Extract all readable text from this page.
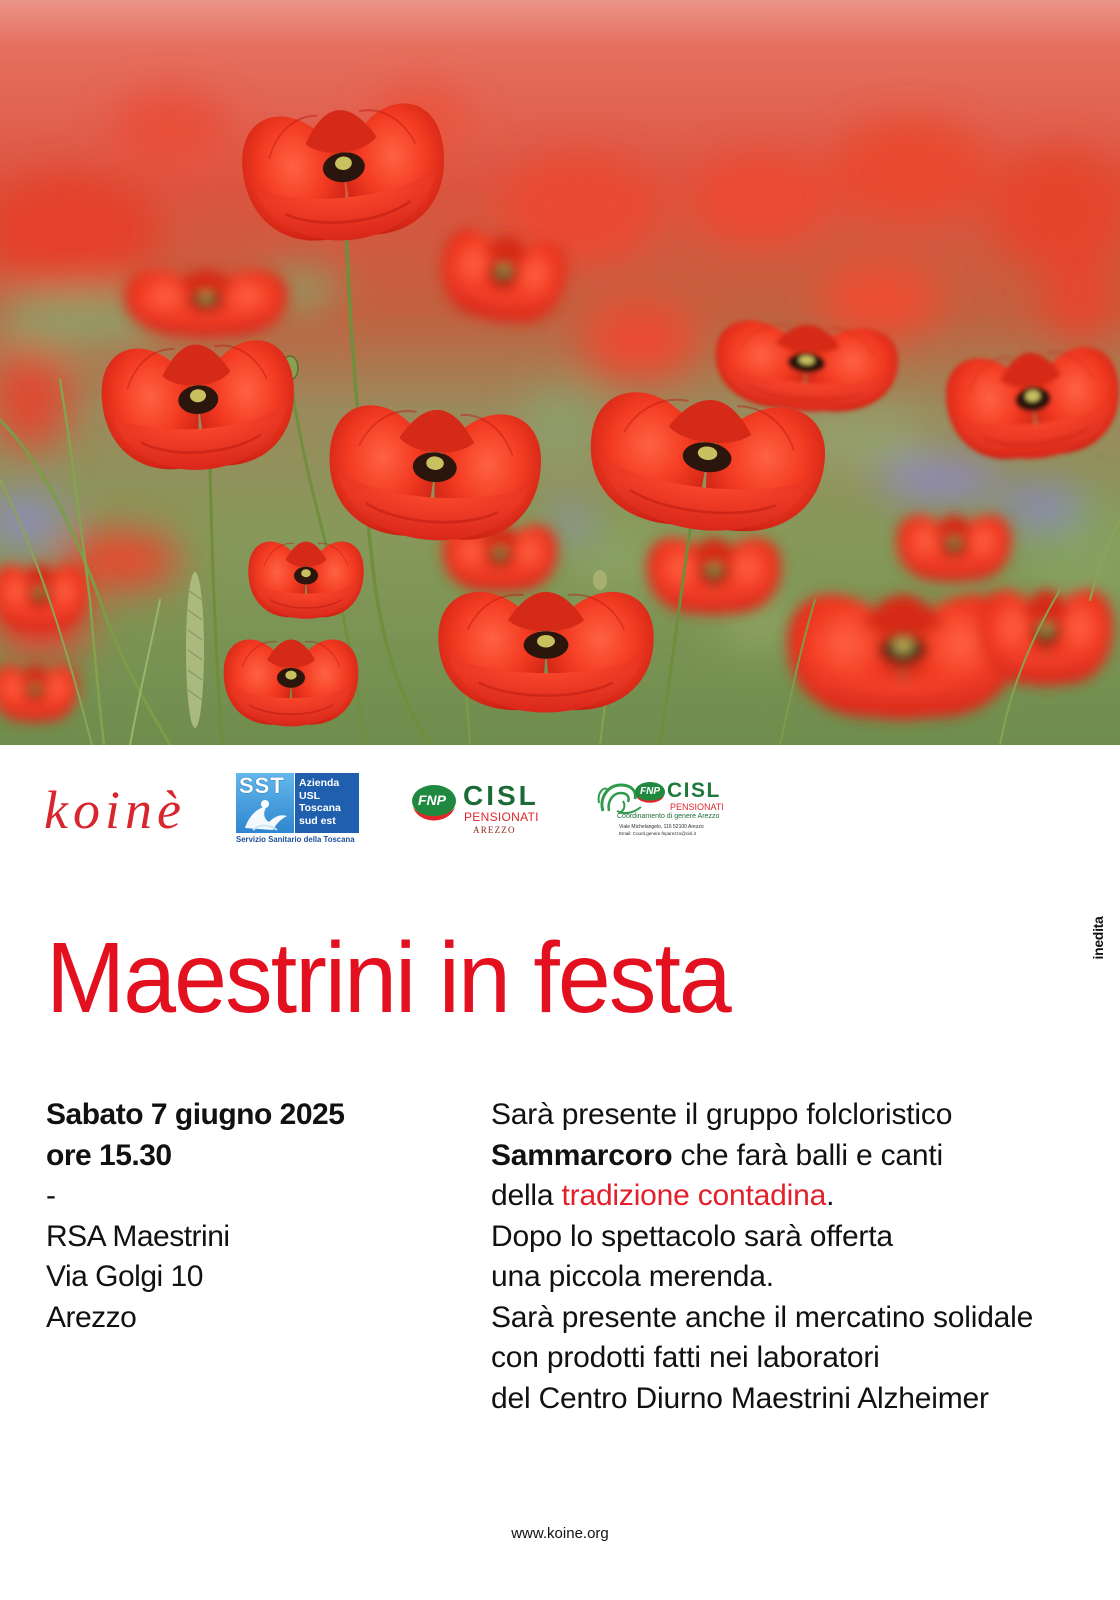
koinè SST Azienda
USL
Toscana
sud est
Servizio Sanitario della Toscana
FNP CISL
PENSIONATI
AREZZO
FNP CISL
PENSIONATI
Coordinamento di genere Arezzo
Viale Michelangelo, 116 52100 Arezzo
Email: Coord.genere.fnparezzo@cisl.it
inedita
Maestrini in festa
Sabato 7 giugno 2025
ore 15.30
-
RSA Maestrini
Via Golgi 10
Arezzo
Sarà presente il gruppo folcloristico
Sammarcoro che farà balli e canti
della tradizione contadina.
Dopo lo spettacolo sarà offerta
una piccola merenda.
Sarà presente anche il mercatino solidale
con prodotti fatti nei laboratori
del Centro Diurno Maestrini Alzheimer
www.koine.org
